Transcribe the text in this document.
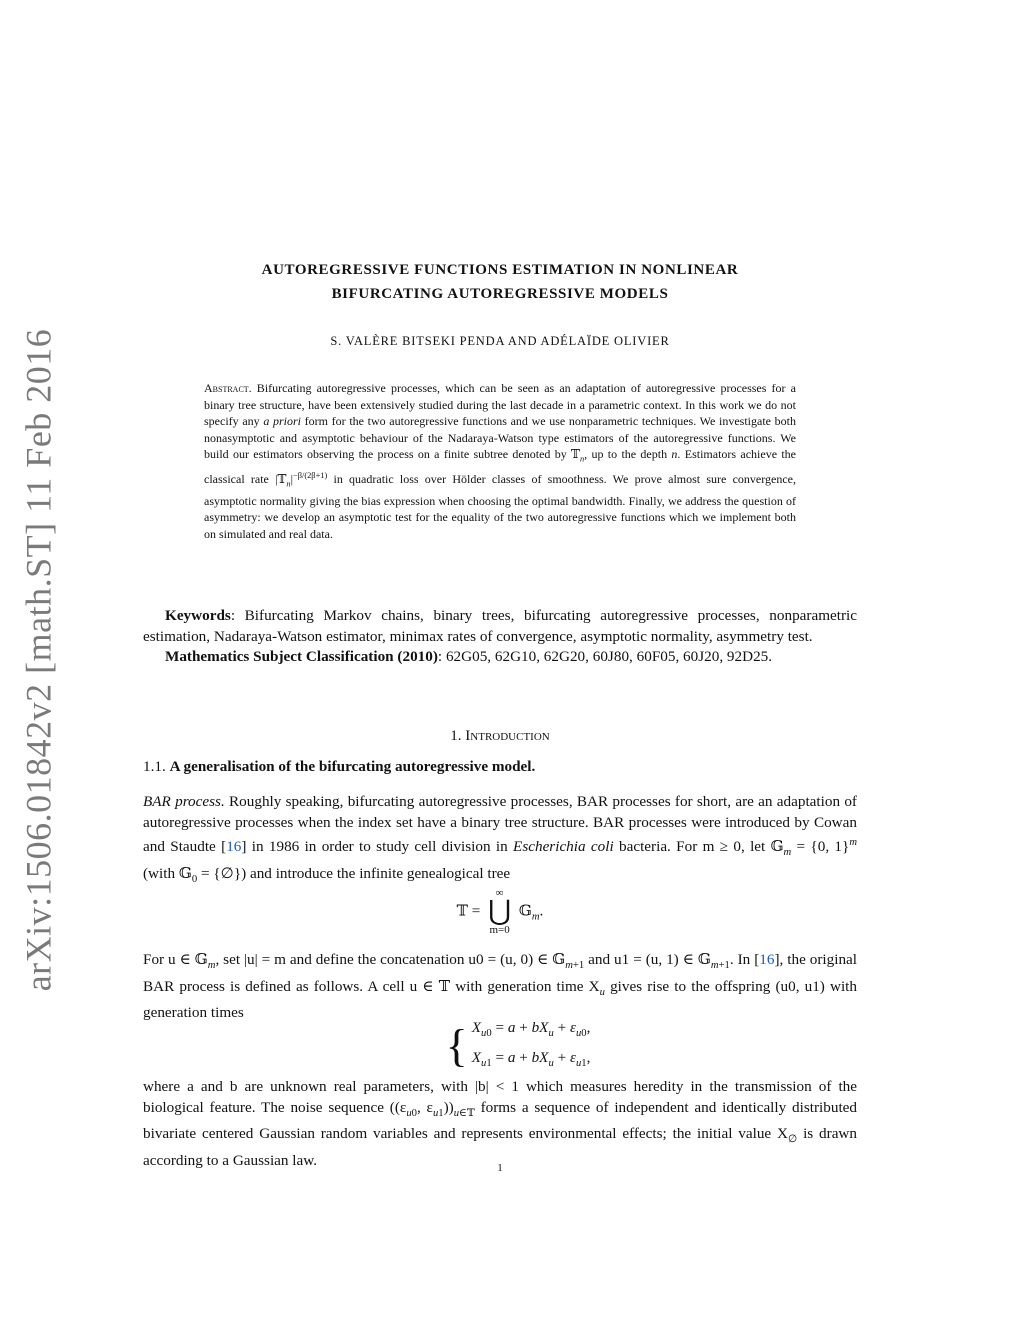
arXiv:1506.01842v2 [math.ST] 11 Feb 2016
AUTOREGRESSIVE FUNCTIONS ESTIMATION IN NONLINEAR
BIFURCATING AUTOREGRESSIVE MODELS
S. VALÈRE BITSEKI PENDA AND ADÉLAÏDE OLIVIER
Abstract. Bifurcating autoregressive processes, which can be seen as an adaptation of autoregressive processes for a binary tree structure, have been extensively studied during the last decade in a parametric context. In this work we do not specify any a priori form for the two autoregressive functions and we use nonparametric techniques. We investigate both nonasymptotic and asymptotic behaviour of the Nadaraya-Watson type estimators of the autoregressive functions. We build our estimators observing the process on a finite subtree denoted by 𝕋$_n$, up to the depth n. Estimators achieve the classical rate $|𝕋_n|^{-\beta/(2\beta+1)}$ in quadratic loss over Hölder classes of smoothness. We prove almost sure convergence, asymptotic normality giving the bias expression when choosing the optimal bandwidth. Finally, we address the question of asymmetry: we develop an asymptotic test for the equality of the two autoregressive functions which we implement both on simulated and real data.

Keywords: Bifurcating Markov chains, binary trees, bifurcating autoregressive processes, nonparametric estimation, Nadaraya-Watson estimator, minimax rates of convergence, asymptotic normality, asymmetry test.

Mathematics Subject Classification (2010): 62G05, 62G10, 62G20, 60J80, 60F05, 60J20, 92D25.

1. Introduction
1.1. A generalisation of the bifurcating autoregressive model.
BAR process. Roughly speaking, bifurcating autoregressive processes, BAR processes for short, are an adaptation of autoregressive processes when the index set have a binary tree structure. BAR processes were introduced by Cowan and Staudte [16] in 1986 in order to study cell division in Escherichia coli bacteria. For m ≥ 0, let 𝔾$_m$ = {0, 1}$^m$ (with 𝔾$_0$ = {∅}) and introduce the infinite genealogical tree
𝕋 =
∞
⋃
m=0
𝔾$_m$.
For u ∈ 𝔾$_m$, set |u| = m and define the concatenation u0 = (u, 0) ∈ 𝔾$_{m+1}$ and u1 = (u, 1) ∈ 𝔾$_{m+1}$. In [16], the original BAR process is defined as follows. A cell u ∈ 𝕋 with generation time $X_u$ gives rise to the offspring (u0, u1) with generation times
{ $X_{u0} = a + bX_u + \varepsilon_{u0}$,
$X_{u1} = a + bX_u + \varepsilon_{u1}$,
where a and b are unknown real parameters, with |b| < 1 which measures heredity in the transmission of the biological feature. The noise sequence (($\varepsilon_{u0}$, $\varepsilon_{u1}))_{u\in 𝕋}$ forms a sequence of independent and identically distributed bivariate centered Gaussian random variables and represents environmental effects; the initial value $X_\emptyset$ is drawn according to a Gaussian law.	1
